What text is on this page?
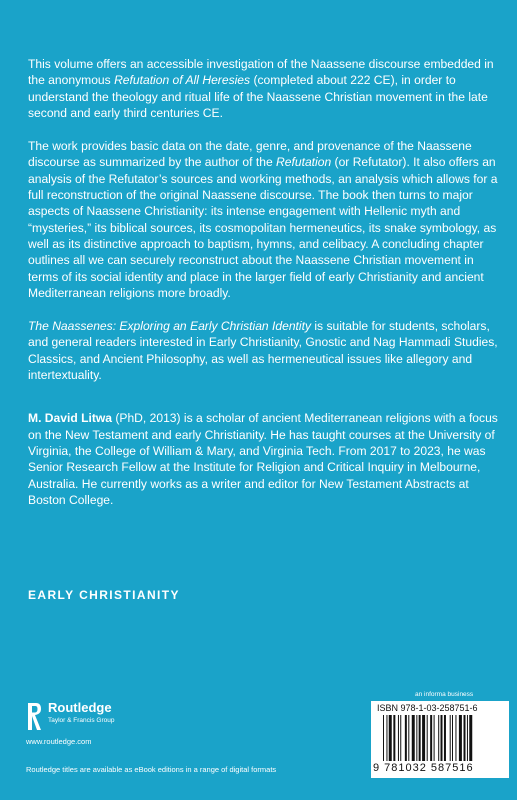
This volume offers an accessible investigation of the Naassene discourse embedded in the anonymous Refutation of All Heresies (completed about 222 CE), in order to understand the theology and ritual life of the Naassene Christian movement in the late second and early third centuries CE.

The work provides basic data on the date, genre, and provenance of the Naassene discourse as summarized by the author of the Refutation (or Refutator). It also offers an analysis of the Refutator’s sources and working methods, an analysis which allows for a full reconstruction of the original Naassene discourse. The book then turns to major aspects of Naassene Christianity: its intense engagement with Hellenic myth and “mysteries,” its biblical sources, its cosmopolitan hermeneutics, its snake symbology, as well as its distinctive approach to baptism, hymns, and celibacy. A concluding chapter outlines all we can securely reconstruct about the Naassene Christian movement in terms of its social identity and place in the larger field of early Christianity and ancient Mediterranean religions more broadly.

The Naassenes: Exploring an Early Christian Identity is suitable for students, scholars, and general readers interested in Early Christianity, Gnostic and Nag Hammadi Studies, Classics, and Ancient Philosophy, as well as hermeneutical issues like allegory and intertextuality.

M. David Litwa (PhD, 2013) is a scholar of ancient Mediterranean religions with a focus on the New Testament and early Christianity. He has taught courses at the University of Virginia, the College of William & Mary, and Virginia Tech. From 2017 to 2023, he was Senior Research Fellow at the Institute for Religion and Critical Inquiry in Melbourne, Australia. He currently works as a writer and editor for New Testament Abstracts at Boston College.

EARLY CHRISTIANITY
an informa business
Routledge
Taylor & Francis Group
www.routledge.com
Routledge titles are available as eBook editions in a range of digital formats
ISBN 978-1-03-258751-6
9 781032 587516
